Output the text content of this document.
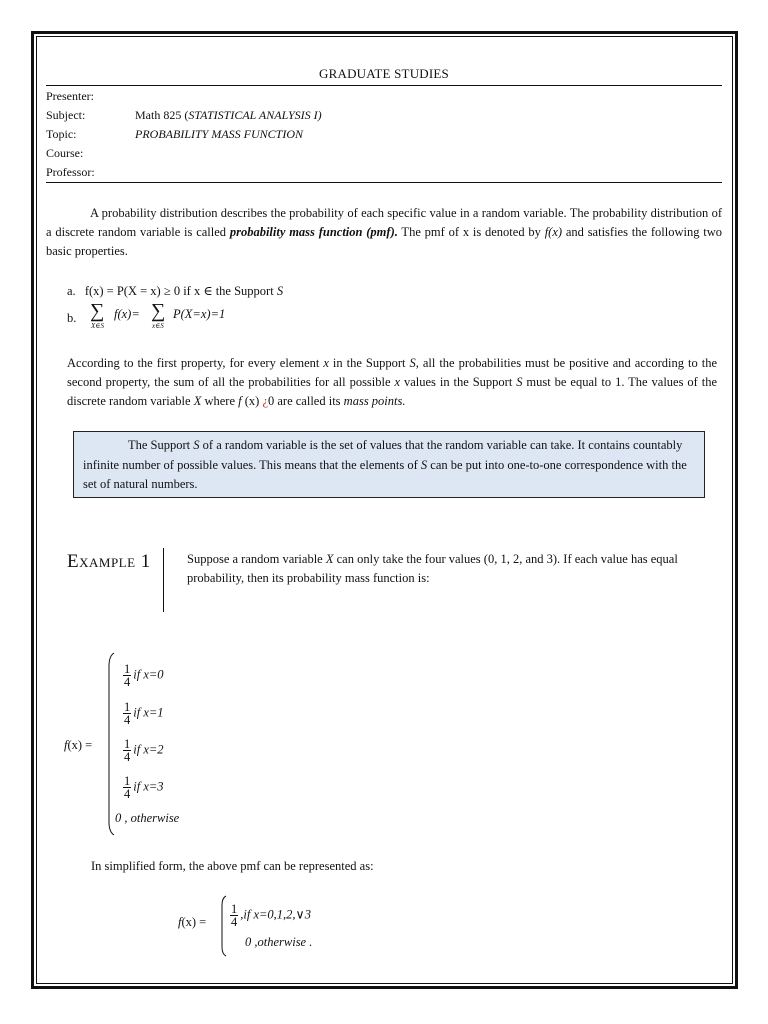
GRADUATE STUDIES
Presenter:
Subject:	Math 825 (STATISTICAL ANALYSIS I)
Topic:	PROBABILITY MASS FUNCTION
Course:
Professor:
A probability distribution describes the probability of each specific value in a random variable. The probability distribution of a discrete random variable is called probability mass function (pmf). The pmf of x is denoted by f(x) and satisfies the following two basic properties.
a. f(x) = P(X = x) ≥ 0 if x ∈ the Support S
b. ∑
X∈S
f(x)= ∑
x∈S
P(X=x)=1
According to the first property, for every element x in the Support S, all the probabilities must be positive and according to the second property, the sum of all the probabilities for all possible x values in the Support S must be equal to 1. The values of the discrete random variable X where f (x) ¿0 are called its mass points.
The Support S of a random variable is the set of values that the random variable can take. It contains countably infinite number of possible values. This means that the elements of S can be put into one-to-one correspondence with the set of natural numbers.
Example 1	Suppose a random variable X can only take the four values (0, 1, 2, and 3). If each value has equal probability, then its probability mass function is:
f(x) =
$\frac{1}{4}$ if x=0
$\frac{1}{4}$ if x=1
$\frac{1}{4}$ if x=2
$\frac{1}{4}$ if x=3
0 , otherwise
In simplified form, the above pmf can be represented as:
$f(x) = \frac{1}{4} ,if$ x=0,1,2,∨3
0 ,otherwise .
